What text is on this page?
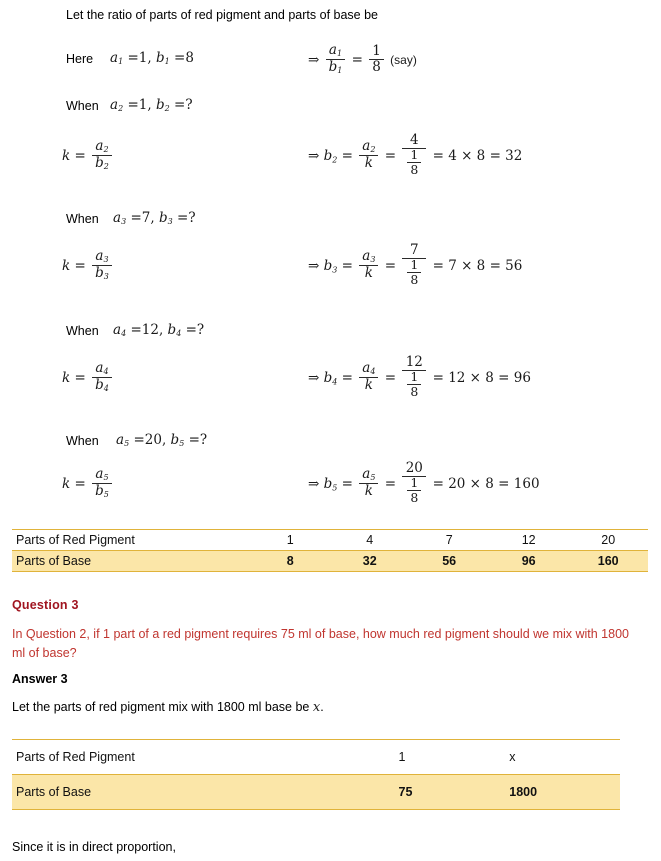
Let the ratio of parts of red pigment and parts of base be
Here $a_1 =1$, $b_1 =8$	⇒ $\frac{a_1}{b_1} = \frac{1}{8} (say)$
When $a_2 =1$, $b_2$ =?
$k = \frac{a_2}{b_2}$	⇒ $b_2 = \frac{a_2}{k} = \frac{4}{\frac{1}{8}} = 4 \times 8 = 32$
When $a_3 =7$, $b_3$ =?
$k = \frac{a_3}{b_3}$	⇒ $b_3 = \frac{a_3}{k} = \frac{7}{\frac{1}{8}} = 7 \times 8 = 56$
When $a_4 =12$, $b_4$ =?
$k = \frac{a_4}{b_4}$	⇒ $b_4 = \frac{a_4}{k} = \frac{12}{\frac{1}{8}} = 12 \times 8 = 96$
When $a_5 =20$, $b_5$ =?
$k = \frac{a_5}{b_5}$	⇒ $b_5 = \frac{a_5}{k} = \frac{20}{\frac{1}{8}} = 20 \times 8 = 160$
Parts of Red Pigment	1	4	7	12	20
Parts of Base	8	32	56	96	160
Question 3
In Question 2, if 1 part of a red pigment requires 75 ml of base, how much red pigment should we mix with 1800 ml of base?
Answer 3
Let the parts of red pigment mix with 1800 ml base be x.
Parts of Red Pigment	1	x
Parts of Base	75	1800
Since it is in direct proportion,
